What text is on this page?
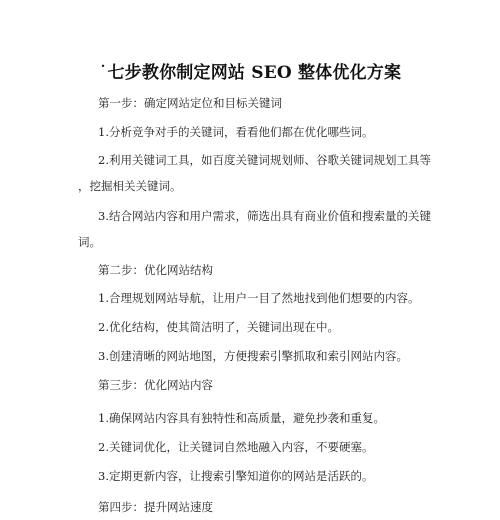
˙七步教你制定网站 SEO 整体优化方案
第一步：确定网站定位和目标关键词
1.分析竞争对手的关键词，看看他们都在优化哪些词。
2.利用关键词工具，如百度关键词规划师、谷歌关键词规划工具等
，挖掘相关关键词。
3.结合网站内容和用户需求，筛选出具有商业价值和搜索量的关键
词。
第二步：优化网站结构
1.合理规划网站导航，让用户一目了然地找到他们想要的内容。
2.优化结构，使其简洁明了，关键词出现在中。
3.创建清晰的网站地图，方便搜索引擎抓取和索引网站内容。
第三步：优化网站内容
1.确保网站内容具有独特性和高质量，避免抄袭和重复。
2.关键词优化，让关键词自然地融入内容，不要硬塞。
3.定期更新内容，让搜索引擎知道你的网站是活跃的。
第四步：提升网站速度
